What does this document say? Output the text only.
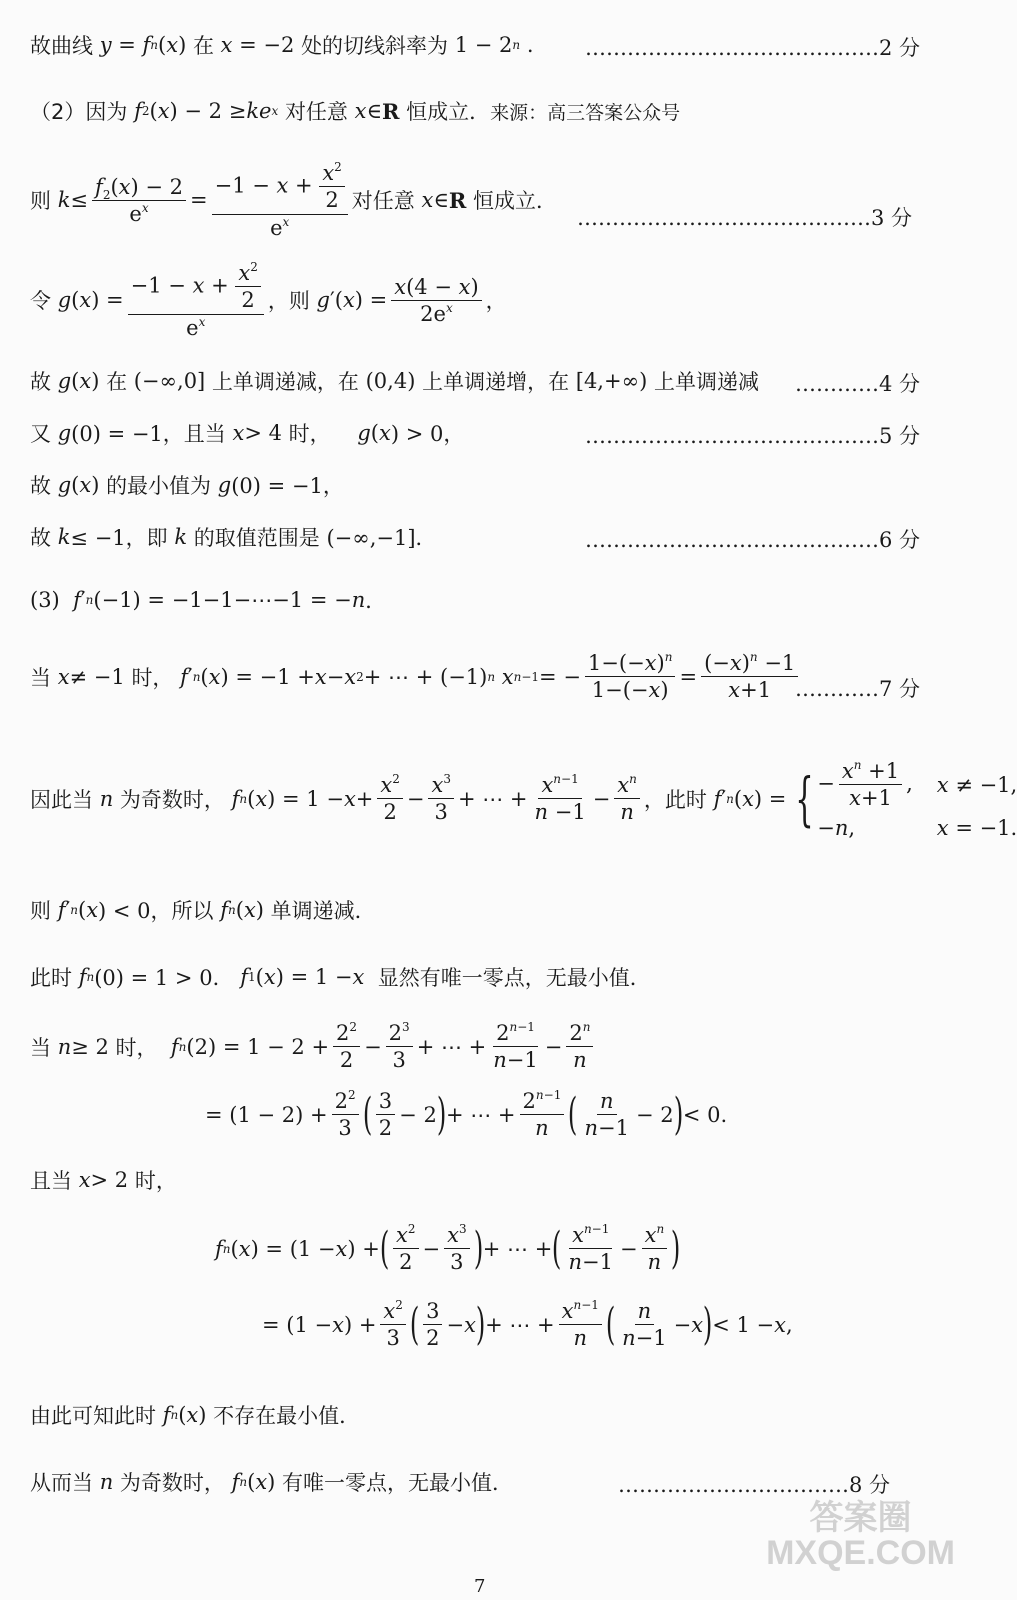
故曲线
y = f n ( x ) 在
x = −2 处的切线斜率为 1 − 2 n .	……………………………………2 分
（2）因为
f 2 ( x ) − 2 ≥ ke x
对任意
x ∈ R
恒成立． 来源：高三答案公众号
则
$k \le \frac{f_2(x) - 2}{e^x} = \frac{-1 - x + \frac{x^2}{2}}{e^x}$ 对任意
x ∈ R
恒成立．
……………………………………3 分
令
g ( x ) = $\frac{-1 - x + \frac{x^2}{2}}{e^x}$ ，则
g ′( x ) = $\frac{x(4 - x)}{2e^x}$ ，
故
g ( x ) 在 (−∞,0] 上单调递减，在 (0,4) 上单调递增，在 [4,+∞) 上单调递减 …………4 分
又
g (0) = −1， 且当
x > 4 时，
g ( x ) > 0，	……………………………………5 分
故
g ( x ) 的最小值为
g (0) = −1，
故
k ≤ −1， 即
k
的取值范围是 (−∞,−1]．	……………………………………6 分
(3) f ′ n (−1) = −1−1−⋯−1 = − n ．
当
x ≠ −1 时，
f ′ n ( x ) = −1 + x − x 2 + ⋯ + (−1) n
x n−1 = − $\frac{1-(-x)^n}{1-(-x)} = \frac{(-x)^n -1}{x+1}$
…………7 分
因此当
n
为奇数时，
f n ( x ) = $1 - x + \frac{x^2}{2} - \frac{x^3}{3}$ + ⋯ + $\frac{x^{n-1}}{n -1} - \frac{x^n}{n}$ ，此时
f ′ n ( x ) = { − $\frac{x^n +1}{x+1}$ , x ≠ −1,
−n,	x = −1.
则
f ′ n ( x ) < 0， 所以
f n ( x ) 单调递减．
此时
f n (0) = 1 > 0． f 1 ( x ) = 1 − x
显然有唯一零点，无最小值．
当
n ≥ 2 时，
f n $(2) = 1 - 2 + \frac{2^2}{2} - \frac{2^3}{3}$ + ⋯ + $\frac{2^{n-1}}{n-1} - \frac{2^n}{n}$
= $(1 - 2) + \frac{2^2}{3}$ ( $\frac{3}{2} - 2$ ) + ⋯ + $\frac{2^{n-1}}{n}$ ( $\frac{n}{n-1} - 2$ ) < 0.
且当
x > 2 时，
f n ( x ) = (1 − x ) + ( $\frac{x^2}{2} - \frac{x^3}{3}$ ) + ⋯ + ( $\frac{x^{n-1}}{n-1} - \frac{x^n}{n}$ )
= (1 − x ) + $\frac{x^2}{3}$ ( $\frac{3}{2} - x$ ) + ⋯ + $\frac{x^{n-1}}{n}$ ( $\frac{n}{n-1} - x$ ) < 1 − x ,
由此可知此时
f n ( x ) 不存在最小值．
从而当
n
为奇数时，
f n ( x ) 有唯一零点，无最小值．	……………………………8 分
答案圈
MXQE.COM
7
